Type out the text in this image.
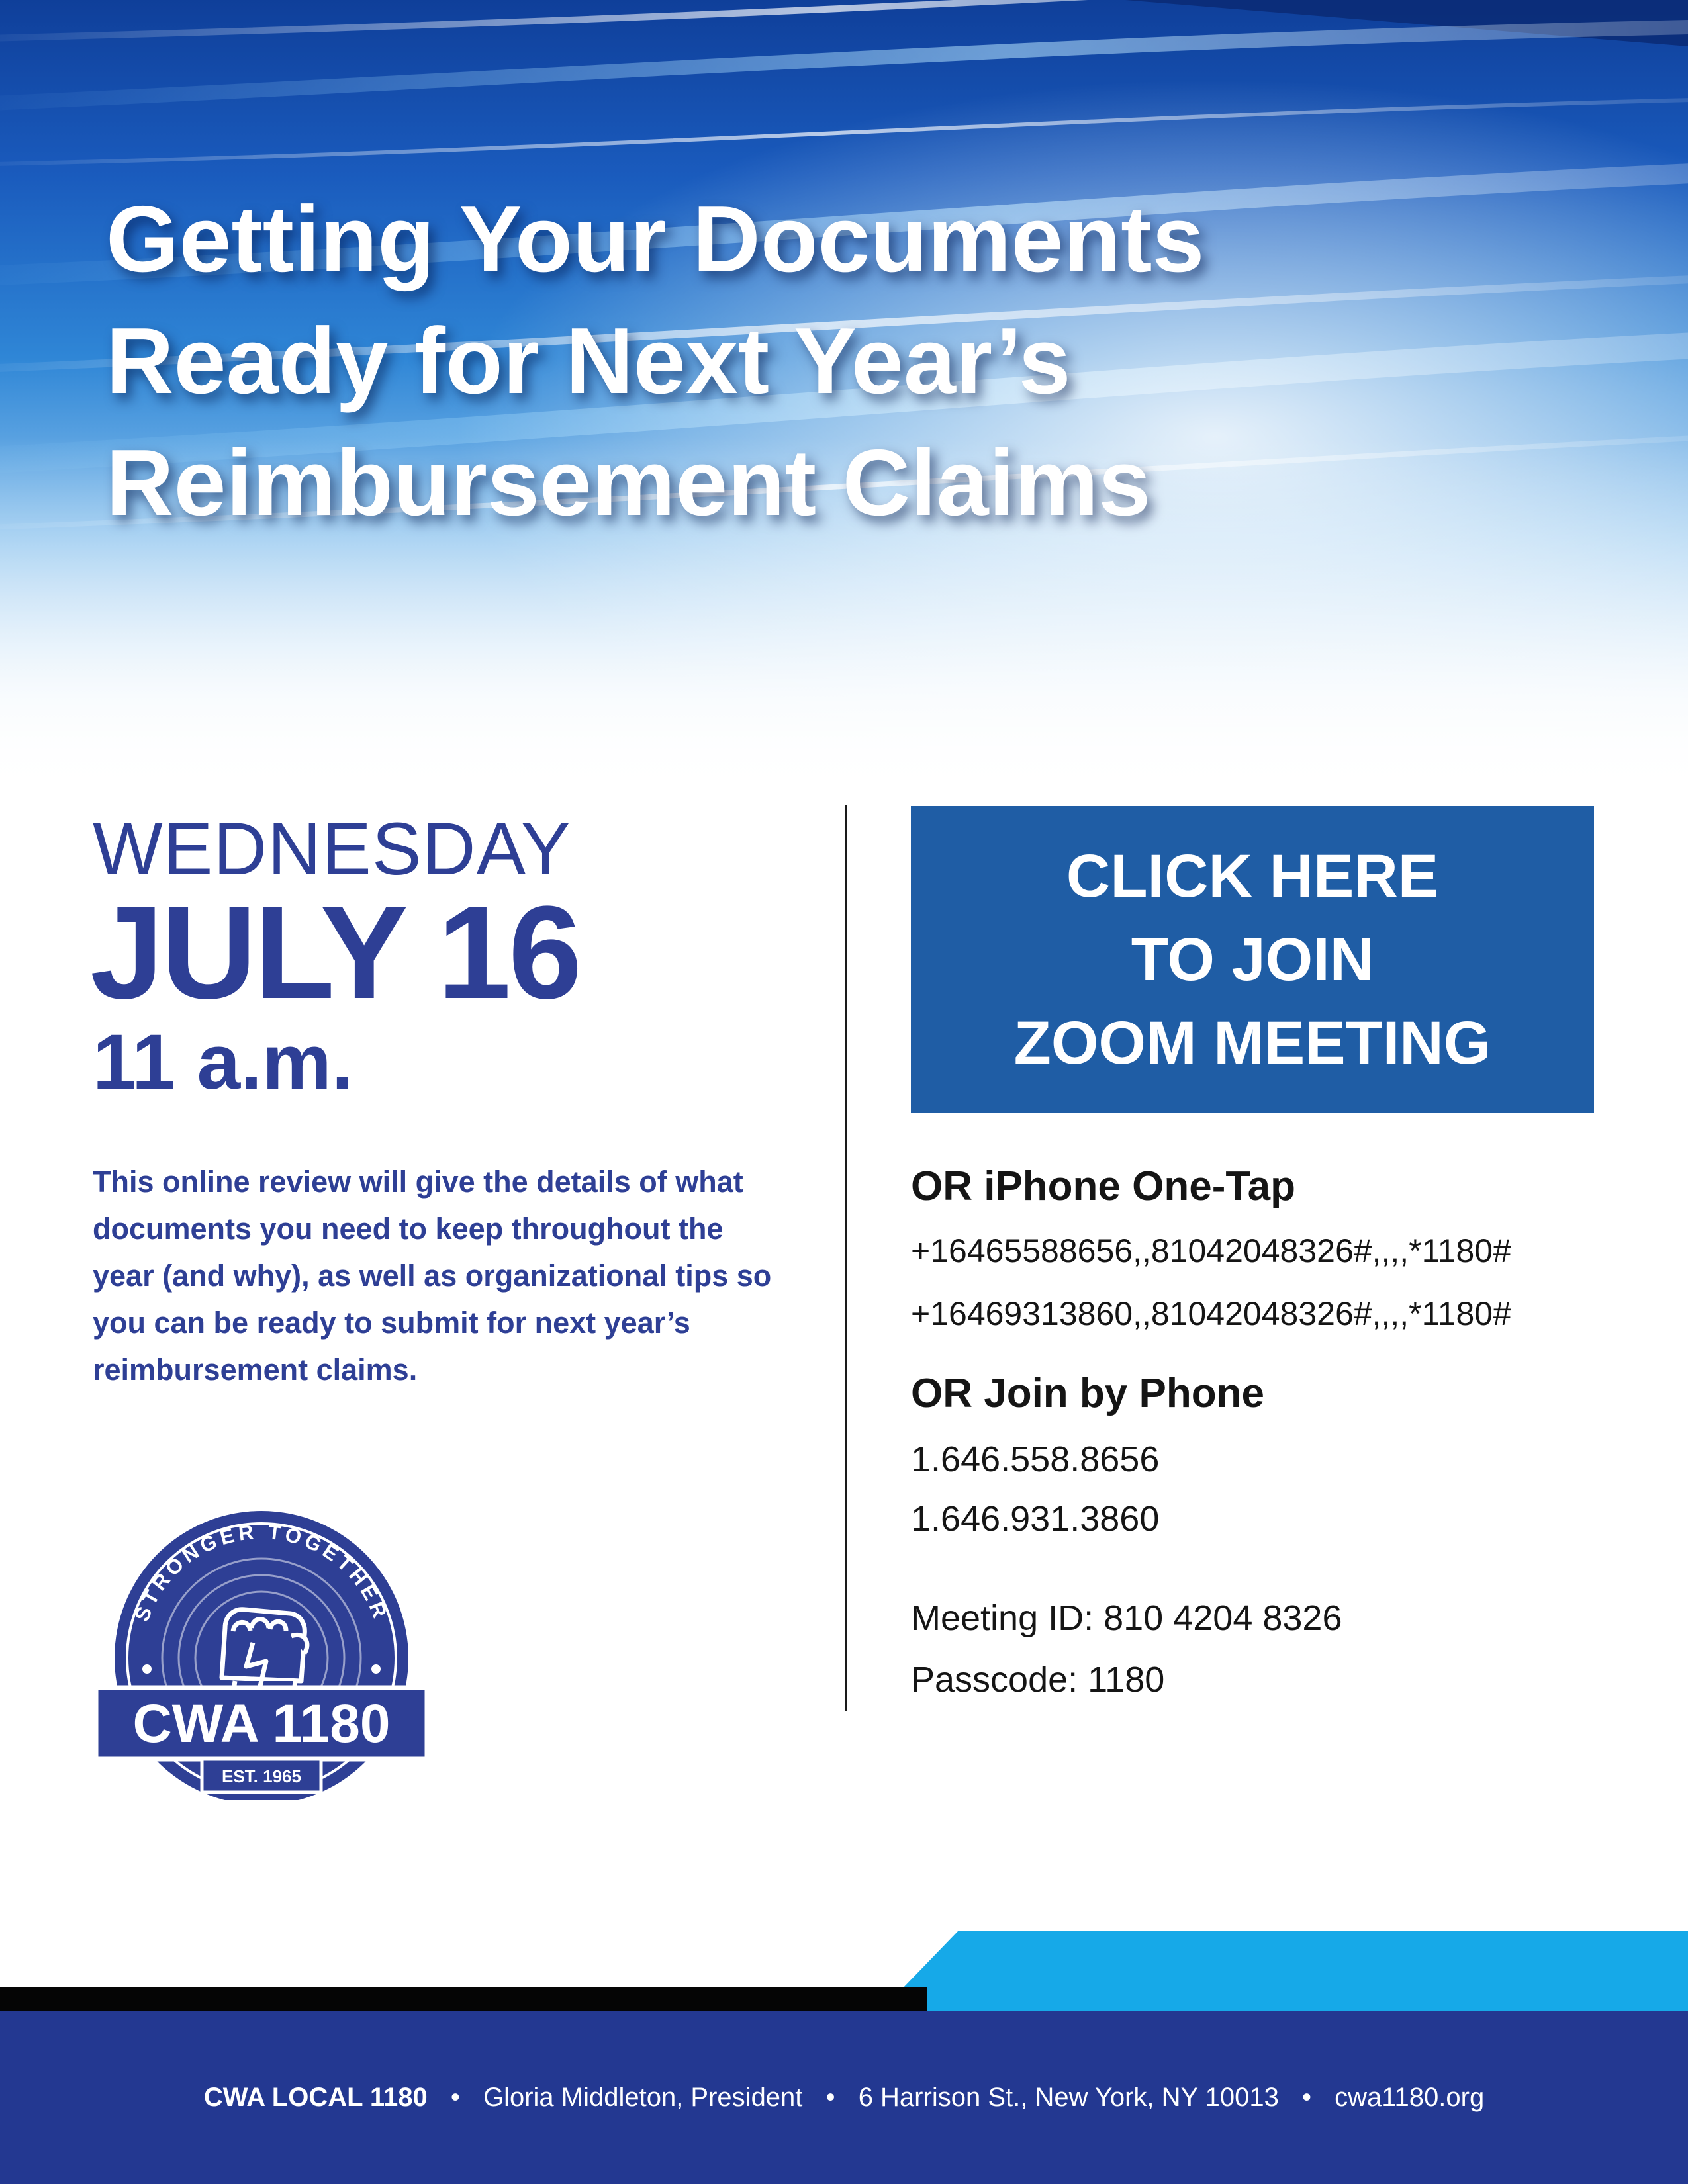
Getting Your Documents
Ready for Next Year’s
Reimbursement Claims

WEDNESDAY

JULY 16

11 a.m.

This online review will give the details of what documents you need to keep throughout the year (and why), as well as organizational tips so you can be ready to submit for next year’s reimbursement claims.

STRONGER TOGETHER
CWA 1180
EST. 1965
CLICK HERE
TO JOIN
ZOOM MEETING

OR iPhone One-Tap

+16465588656,,81042048326#,,,,*1180#

+16469313860,,81042048326#,,,,*1180#

OR Join by Phone

1.646.558.8656

1.646.931.3860

Meeting ID: 810 4204 8326

Passcode: 1180

CWA LOCAL 1180 • Gloria Middleton, President • 6 Harrison St., New York, NY 10013 • cwa1180.org
